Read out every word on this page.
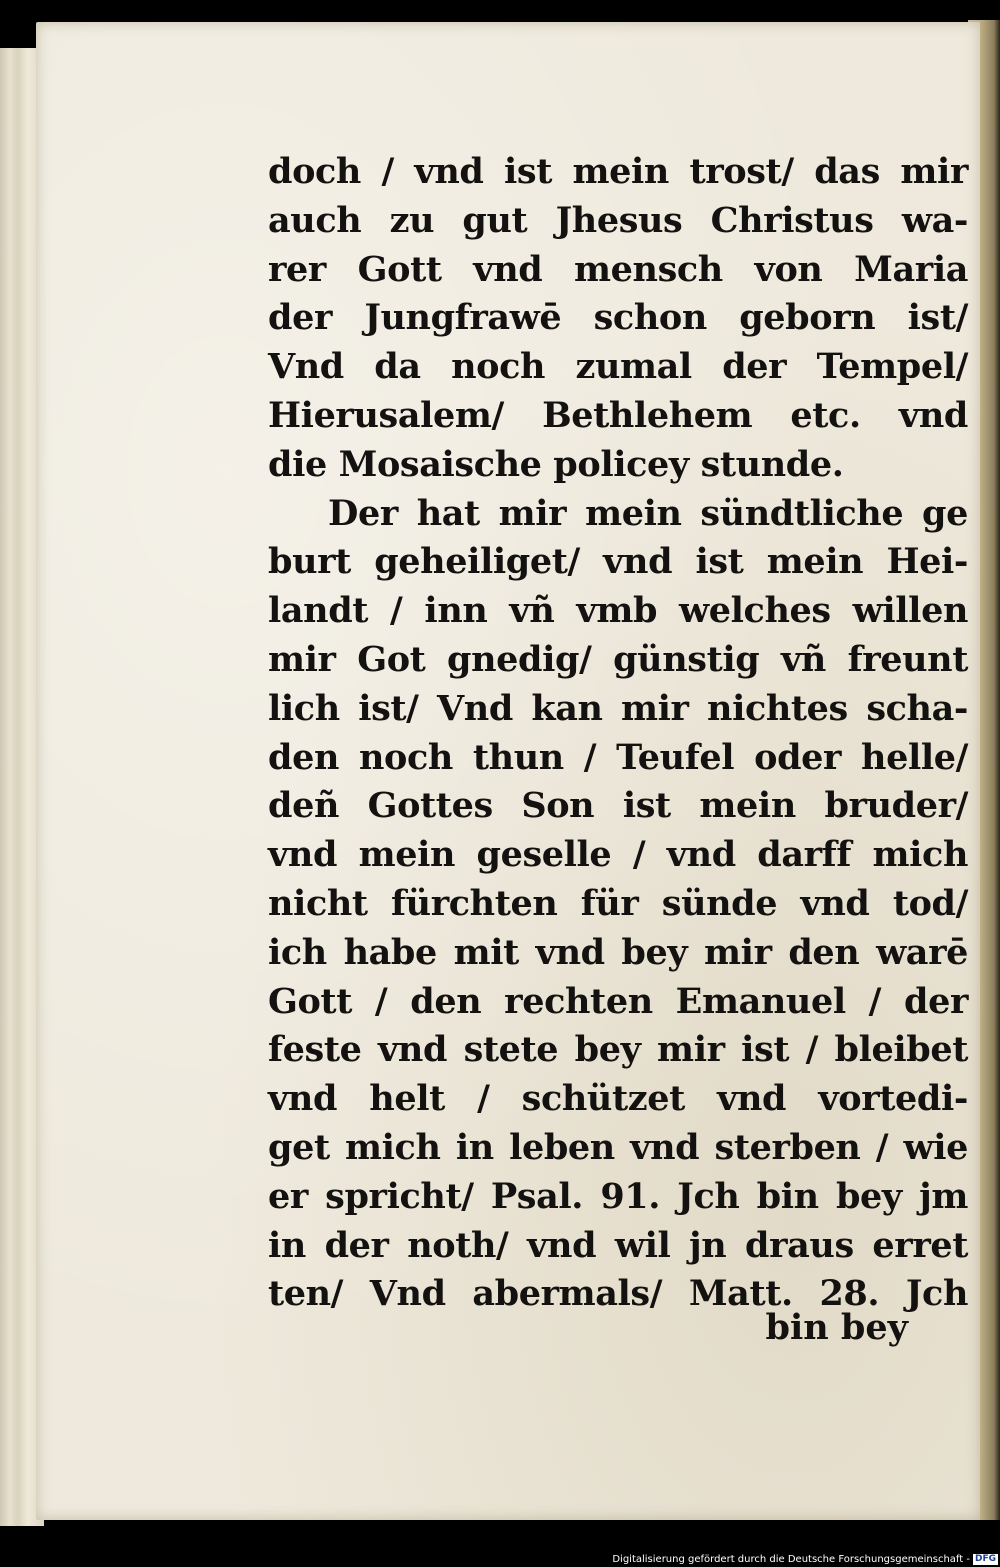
doch / vnd ist mein trost/ das mir
auch zu gut Jhesus Christus wa-
rer Gott vnd mensch von Maria
der Jungfrawē schon geborn ist/
Vnd da noch zumal der Tempel/
Hierusalem/ Bethlehem etc. vnd
die Mosaische policey stunde.
Der hat mir mein sündtliche ge
burt geheiliget/ vnd ist mein Hei-
landt / inn vñ vmb welches willen
mir Got gnedig/ günstig vñ freunt
lich ist/ Vnd kan mir nichtes scha-
den noch thun / Teufel oder helle/
deñ Gottes Son ist mein bruder/
vnd mein geselle / vnd darff mich
nicht fürchten für sünde vnd tod/
ich habe mit vnd bey mir den warē
Gott / den rechten Emanuel / der
feste vnd stete bey mir ist / bleibet
vnd helt / schützet vnd vortedi-
get mich in leben vnd sterben / wie
er spricht/ Psal. 91. Jch bin bey jm
in der noth/ vnd wil jn draus erret
ten/ Vnd abermals/ Matt. 28. Jch
bin bey
Digitalisierung gefördert durch die Deutsche Forschungsgemeinschaft - DFG
